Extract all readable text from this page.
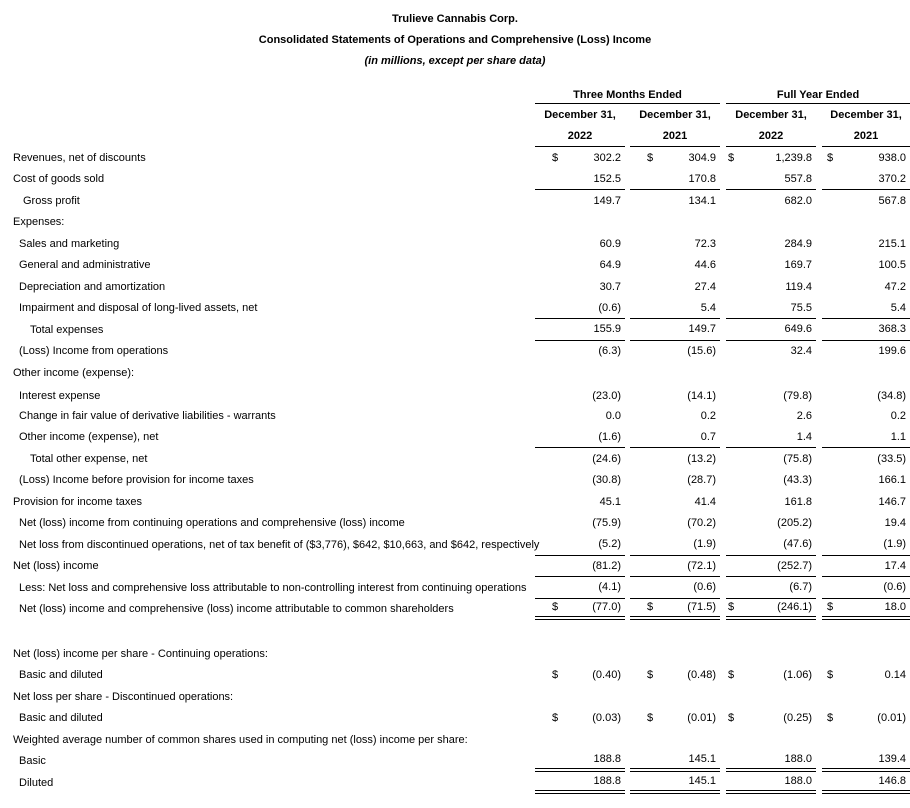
Trulieve Cannabis Corp.
Consolidated Statements of Operations and Comprehensive (Loss) Income
(in millions, except per share data)
	Three Months Ended				Full Year Ended		
	December 31,		December 31,		December 31,		December 31,
	2022		2021		2022		2021
Revenues, net of discounts	$ 302.2		$ 304.9		$ 1,239.8		$ 938.0
Cost of goods sold	152.5		170.8		557.8		370.2
Gross profit	149.7		134.1		682.0		567.8
Expenses:	

Sales and marketing	60.9		72.3		284.9		215.1
General and administrative	64.9		44.6		169.7		100.5
Depreciation and amortization	30.7		27.4		119.4		47.2
Impairment and disposal of long-lived assets, net	(0.6)		5.4		75.5		5.4
Total expenses	155.9		149.7		649.6		368.3
(Loss) Income from operations	(6.3)		(15.6)		32.4		199.6
Other income (expense):	

Interest expense	(23.0)		(14.1)		(79.8)		(34.8)
Change in fair value of derivative liabilities - warrants	0.0		0.2		2.6		0.2
Other income (expense), net	(1.6)		0.7		1.4		1.1
Total other expense, net	(24.6)		(13.2)		(75.8)		(33.5)
(Loss) Income before provision for income taxes	(30.8)		(28.7)		(43.3)		166.1
Provision for income taxes	45.1		41.4		161.8		146.7
Net (loss) income from continuing operations and comprehensive (loss) income	(75.9)		(70.2)		(205.2)		19.4
Net loss from discontinued operations, net of tax benefit of ($3,776), $642, $10,663, and $642, respectively	(5.2)		(1.9)		(47.6)		(1.9)
Net (loss) income	(81.2)		(72.1)		(252.7)		17.4
Less: Net loss and comprehensive loss attributable to non-controlling interest from continuing operations	(4.1)		(0.6)		(6.7)		(0.6)
Net (loss) income and comprehensive (loss) income attributable to common shareholders	$ (77.0)		$ (71.5)		$ (246.1)		$ 18.0

Net (loss) income per share - Continuing operations:	

Basic and diluted	$ (0.40)		$ (0.48)		$ (1.06)		$ 0.14
Net loss per share - Discontinued operations:	

Basic and diluted	$ (0.03)		$ (0.01)		$ (0.25)		$ (0.01)
Weighted average number of common shares used in computing net (loss) income per share:	

Basic	188.8		145.1		188.0		139.4
Diluted	188.8		145.1		188.0		146.8
